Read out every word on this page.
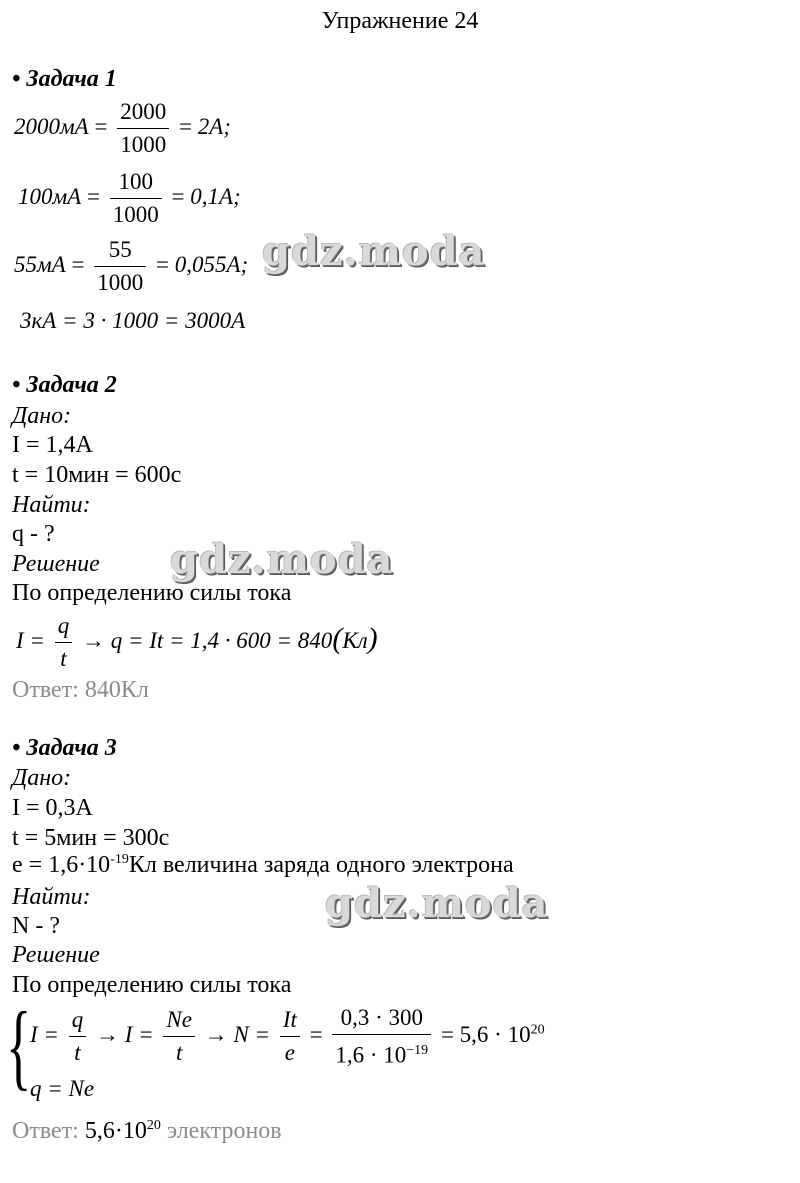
Упражнение 24
• Задача 1
$2000мА = \frac{2000}{1000} = 2А$;
$100мА = \frac{100}{1000} = 0,1А$;
$55мА = \frac{55}{1000} = 0,055А$; gdz.moda
3кА = 3 · 1000 = 3000А
• Задача 2
Дано:
I = 1,4А
t = 10мин = 600с
Найти:
q - ?
Решение gdz.moda
По определению силы тока
$I = \frac{q}{t} \to q = It = 1,4 \cdot 600 = 840(Кл)$
Ответ: 840Кл
• Задача 3
Дано:
I = 0,3А
t = 5мин = 300с
$e = 1,6\cdot 10^{-19}Кл$ величина заряда одного электрона
Найти:	gdz.moda
N - ?
Решение
По определению силы тока
{
$I = \frac{q}{t} \to I = \frac{Ne}{t} \to N = \frac{It}{e} = \frac{0,3 \cdot 300}{1,6 \cdot 10^{-19}} = 5,6 \cdot 10^{20}$
q = Ne
Ответ: $5,6\cdot 10^{20}$ электронов
